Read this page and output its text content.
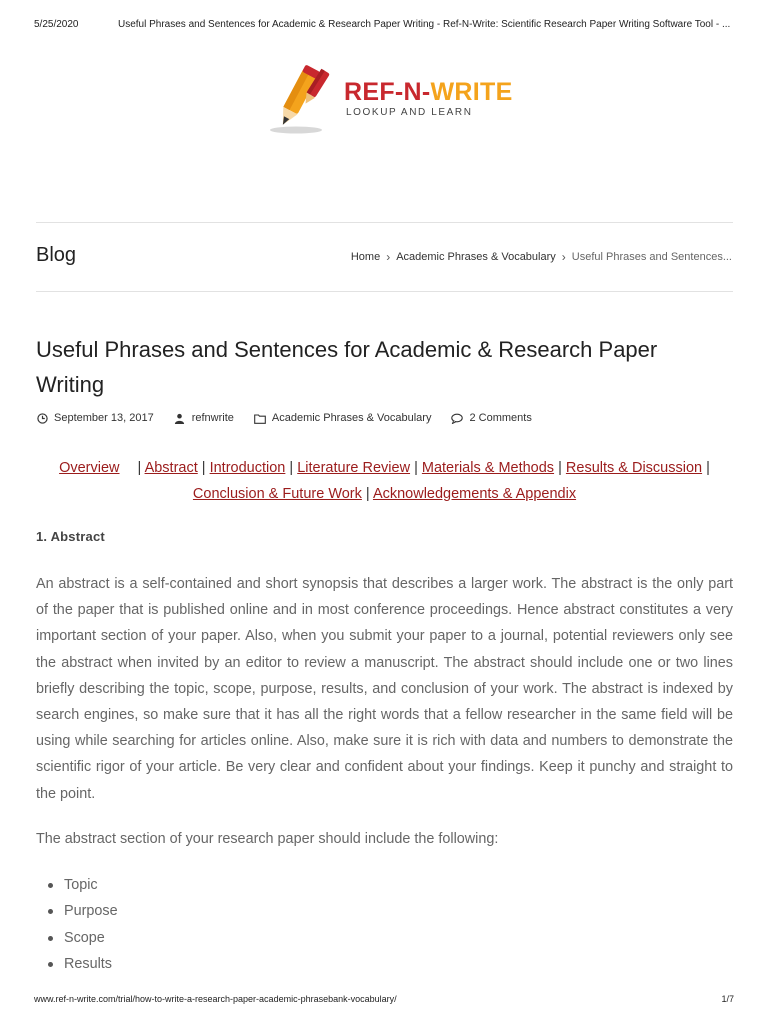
5/25/2020	Useful Phrases and Sentences for Academic & Research Paper Writing - Ref-N-Write: Scientific Research Paper Writing Software Tool - ...
REF-N-WRITE
LOOKUP AND LEARN
Blog	Home › Academic Phrases & Vocabulary › Useful Phrases and Sentences...
Useful Phrases and Sentences for Academic & Research Paper Writing
September 13, 2017	refnwrite	Academic Phrases & Vocabulary	2 Comments
Overview | Abstract | Introduction | Literature Review | Materials & Methods | Results & Discussion |
Conclusion & Future Work | Acknowledgements & Appendix
1. Abstract

An abstract is a self-contained and short synopsis that describes a larger work. The abstract is the only part of the paper that is published online and in most conference proceedings. Hence abstract constitutes a very important section of your paper. Also, when you submit your paper to a journal, potential reviewers only see the abstract when invited by an editor to review a manuscript. The abstract should include one or two lines briefly describing the topic, scope, purpose, results, and conclusion of your work. The abstract is indexed by search engines, so make sure that it has all the right words that a fellow researcher in the same field will be using while searching for articles online. Also, make sure it is rich with data and numbers to demonstrate the scientific rigor of your article. Be very clear and confident about your findings. Keep it punchy and straight to the point.

The abstract section of your research paper should include the following:

Topic
Purpose
Scope
Results
www.ref-n-write.com/trial/how-to-write-a-research-paper-academic-phrasebank-vocabulary/	1/7
